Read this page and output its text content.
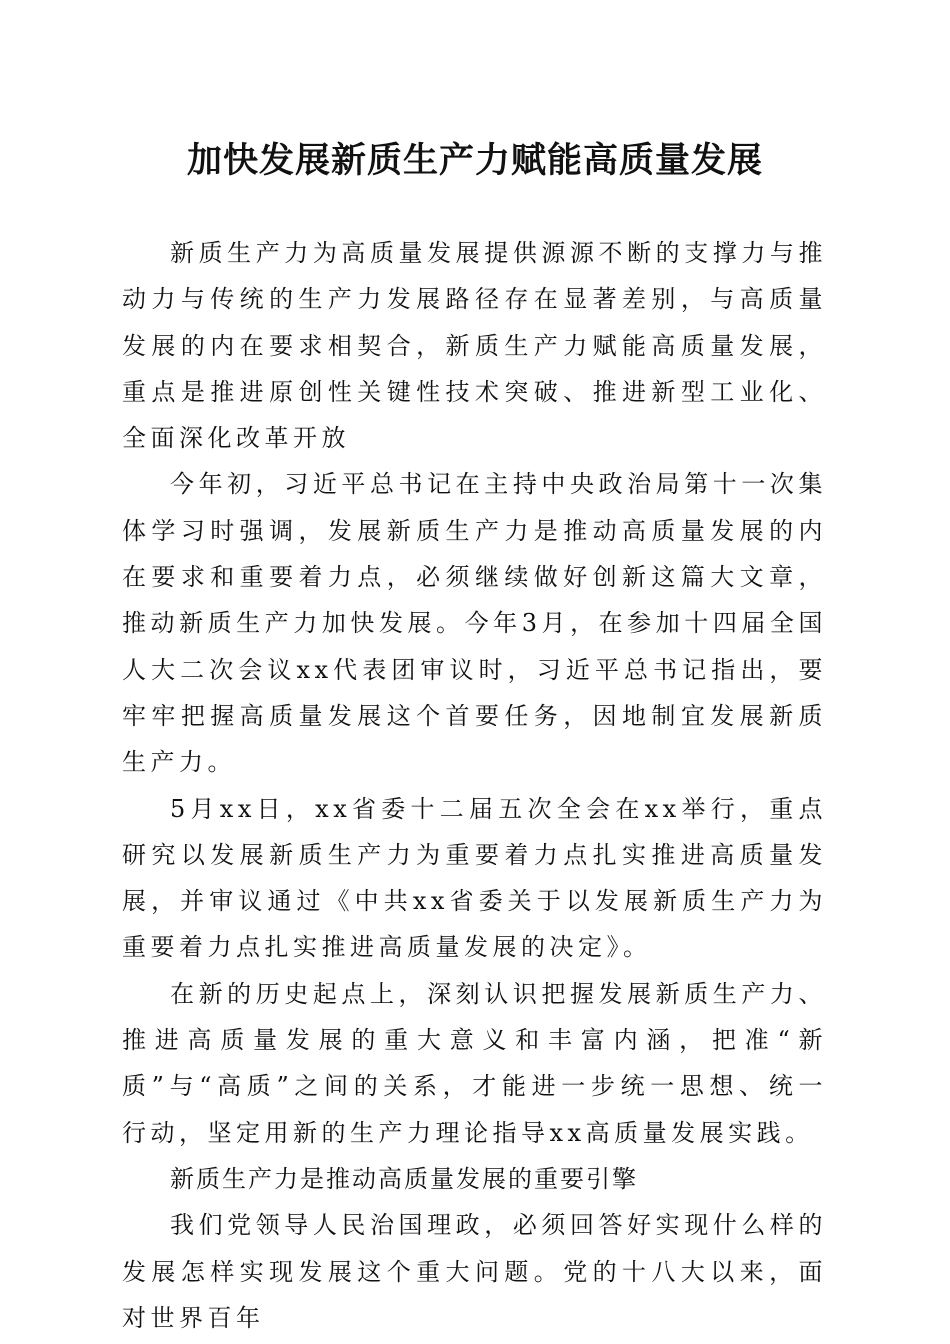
加快发展新质生产力赋能高质量发展

新质生产力为高质量发展提供源源不断的支撑力与推动力与传统的生产力发展路径存在显著差别，与高质量发展的内在要求相契合，新质生产力赋能高质量发展，重点是推进原创性关键性技术突破、推进新型工业化、全面深化改革开放

今年初，习近平总书记在主持中央政治局第十一次集体学习时强调，发展新质生产力是推动高质量发展的内在要求和重要着力点，必须继续做好创新这篇大文章，推动新质生产力加快发展。今年3月，在参加十四届全国人大二次会议xx代表团审议时，习近平总书记指出，要牢牢把握高质量发展这个首要任务，因地制宜发展新质生产力。

5月xx日，xx省委十二届五次全会在xx举行，重点研究以发展新质生产力为重要着力点扎实推进高质量发展，并审议通过《中共xx省委关于以发展新质生产力为重要着力点扎实推进高质量发展的决定》。

在新的历史起点上，深刻认识把握发展新质生产力、推进高质量发展的重大意义和丰富内涵，把准“新质”与“高质”之间的关系，才能进一步统一思想、统一行动，坚定用新的生产力理论指导xx高质量发展实践。

新质生产力是推动高质量发展的重要引擎

我们党领导人民治国理政，必须回答好实现什么样的发展怎样实现发展这个重大问题。党的十八大以来，面对世界百年
